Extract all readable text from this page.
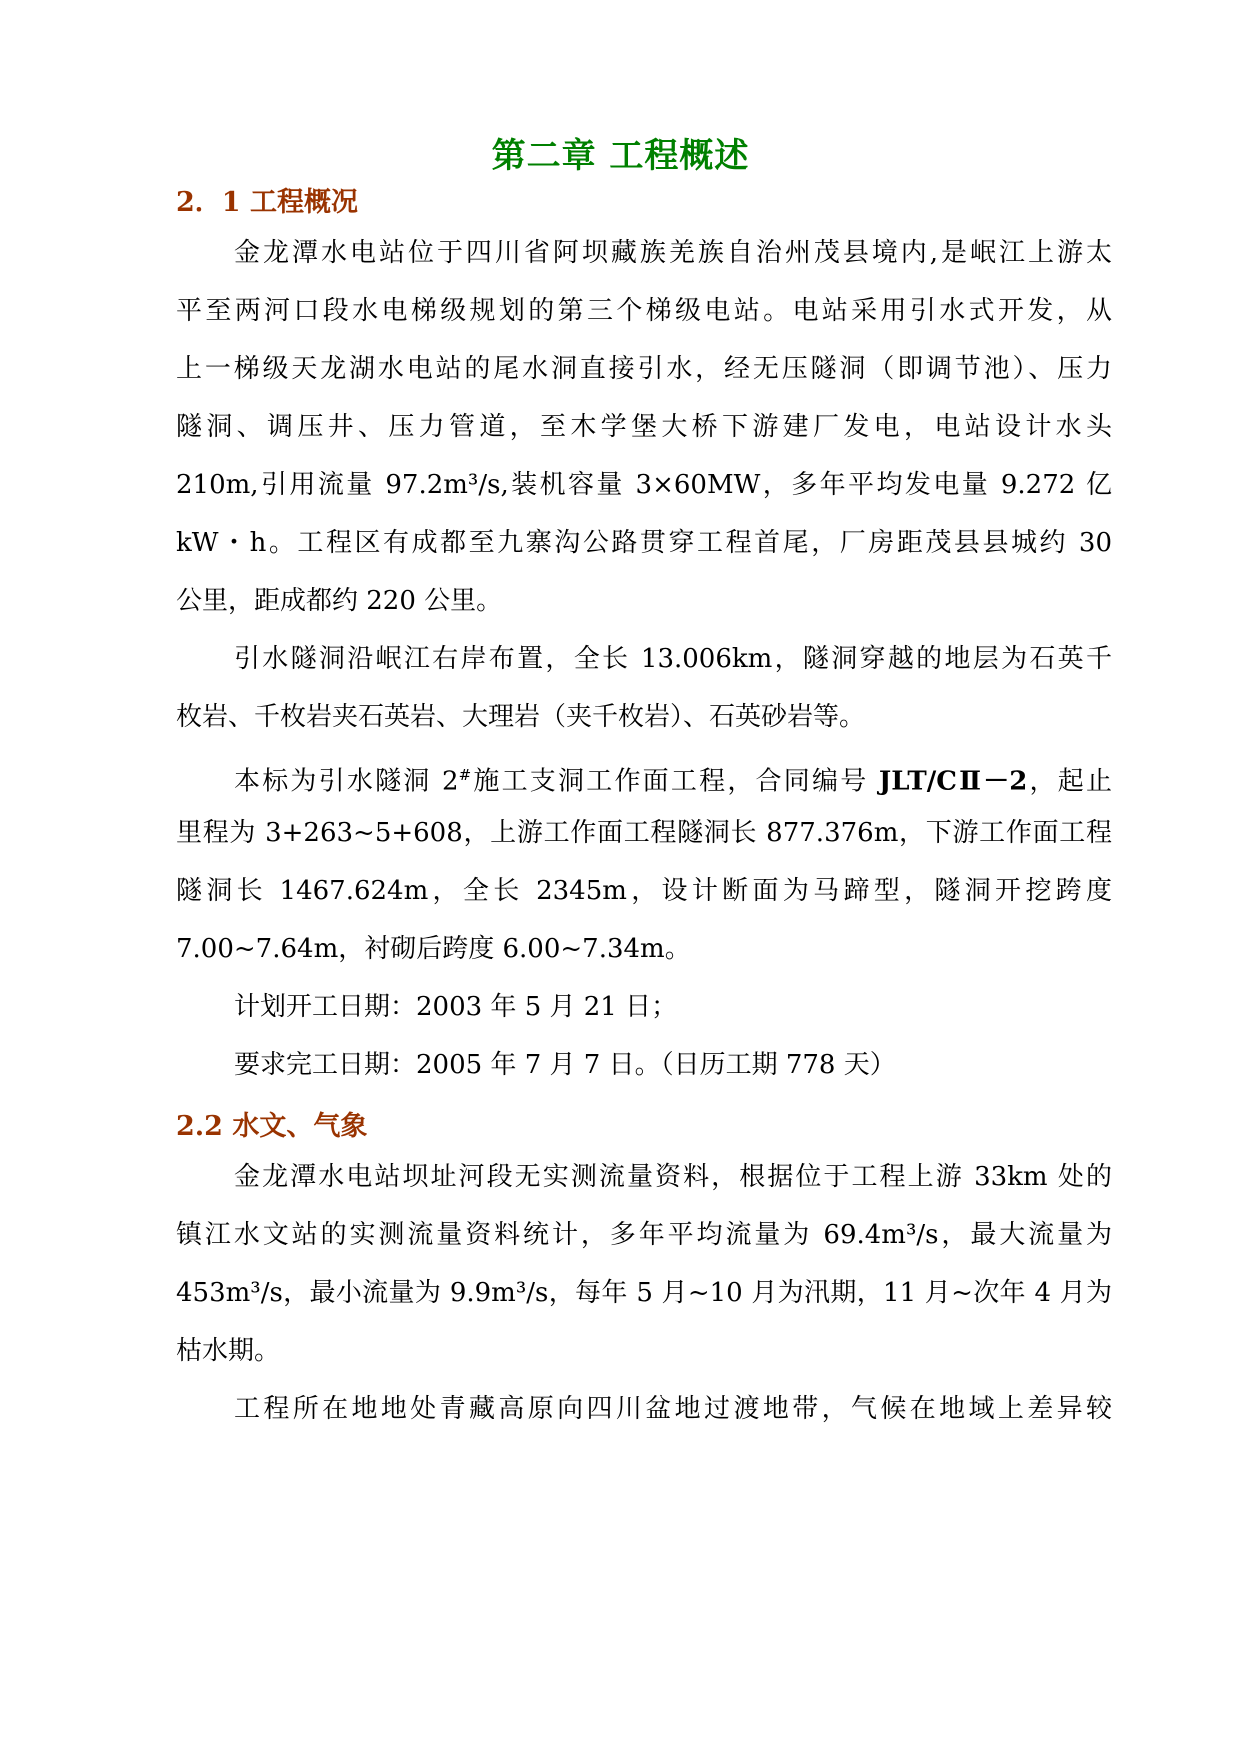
第二章 工程概述
2．1 工程概况
金龙潭水电站位于四川省阿坝藏族羌族自治州茂县境内,是岷江上游太
平至两河口段水电梯级规划的第三个梯级电站。电站采用引水式开发，从
上一梯级天龙湖水电站的尾水洞直接引水，经无压隧洞（即调节池）、压力
隧洞、调压井、压力管道，至木学堡大桥下游建厂发电，电站设计水头
210m,引用流量 97.2m³/s,装机容量 3×60MW，多年平均发电量 9.272 亿
kW・h。工程区有成都至九寨沟公路贯穿工程首尾，厂房距茂县县城约 30
公里，距成都约 220 公里。
引水隧洞沿岷江右岸布置，全长 13.006km，隧洞穿越的地层为石英千
枚岩、千枚岩夹石英岩、大理岩（夹千枚岩）、石英砂岩等。
本标为引水隧洞 2#施工支洞工作面工程，合同编号 JLT/CⅡ－2，起止
里程为 3+263~5+608，上游工作面工程隧洞长 877.376m，下游工作面工程
隧洞长 1467.624m，全长 2345m，设计断面为马蹄型，隧洞开挖跨度
7.00~7.64m，衬砌后跨度 6.00~7.34m。
计划开工日期：2003 年 5 月 21 日；
要求完工日期：2005 年 7 月 7 日。（日历工期 778 天）
2.2 水文、气象
金龙潭水电站坝址河段无实测流量资料，根据位于工程上游 33km 处的
镇江水文站的实测流量资料统计，多年平均流量为 69.4m³/s，最大流量为
453m³/s，最小流量为 9.9m³/s，每年 5 月~10 月为汛期，11 月~次年 4 月为
枯水期。
工程所在地地处青藏高原向四川盆地过渡地带，气候在地域上差异较
